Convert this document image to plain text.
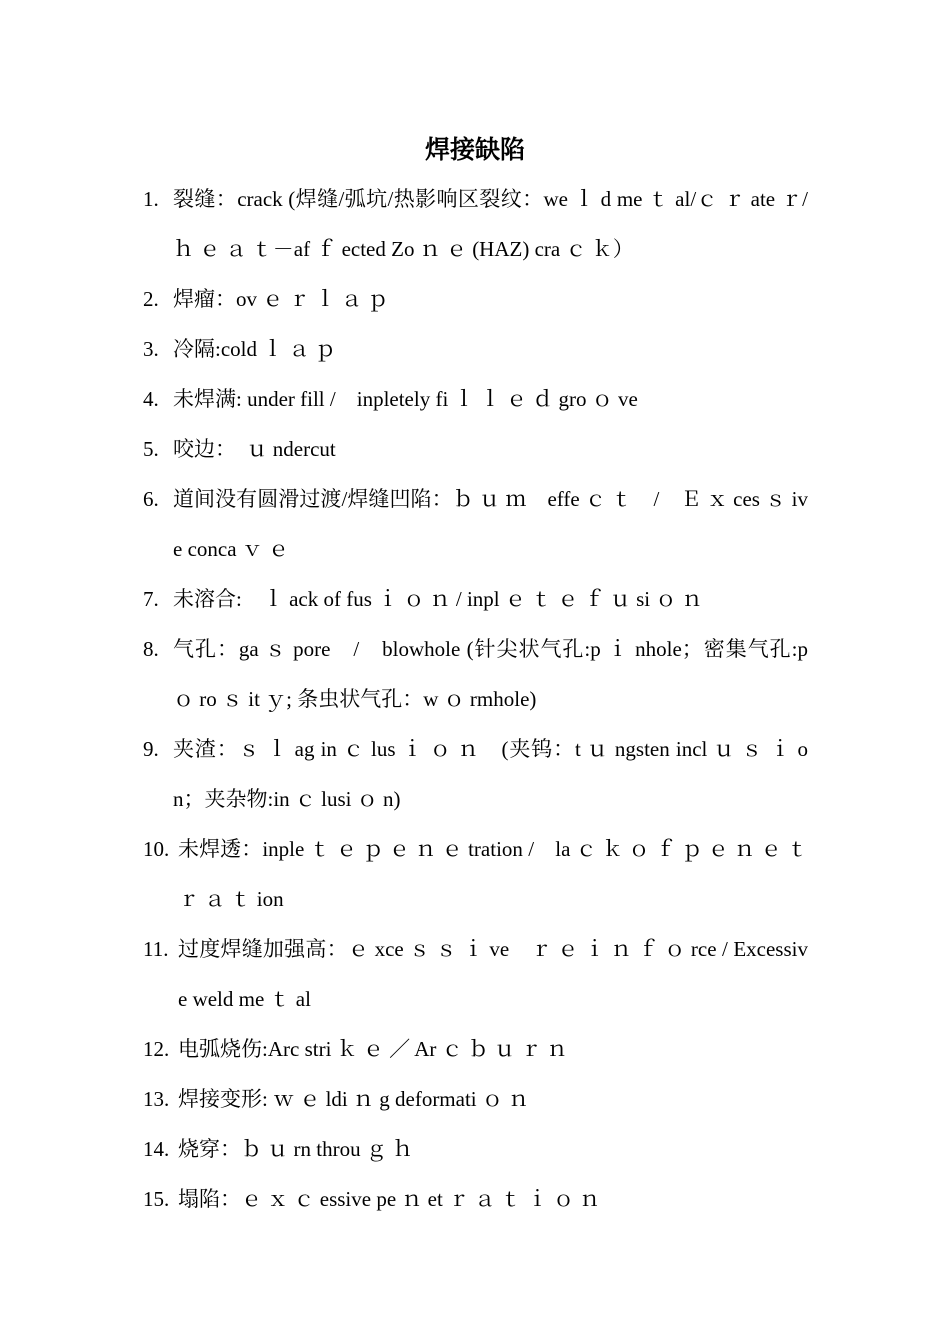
焊接缺陷
1. 裂缝：crack (焊缝/弧坑/热影响区裂纹：we ｌ d me ｔ al/ｃ ｒ ate ｒ/ ｈ ｅ ａ ｔ－af ｆ ected Zo ｎ ｅ (HAZ) cra ｃ ｋ）
2. 焊瘤：ov ｅ ｒ ｌ ａ ｐ
3. 冷隔:cold ｌ ａ ｐ
4. 未焊满: under fill /　inpletely fi ｌ ｌ ｅ ｄ gro ｏ ve
5. 咬边：　ｕ ndercut
6. 道间没有圆滑过渡/焊缝凹陷：ｂ ｕ ｍ　effe ｃ ｔ　/　Ｅ ｘ ces ｓ ive conca ｖ ｅ
7. 未溶合:　ｌ ack of fus ｉ ｏ ｎ / inpl ｅ ｔ ｅ ｆ ｕ si ｏ ｎ
8. 气孔：ga ｓ pore　/　blowhole (针尖状气孔:p ｉ nhole；密集气孔:p ｏ ro ｓ it ｙ; 条虫状气孔：w ｏ rmhole)
9. 夹渣：ｓ ｌ ag in ｃ lus ｉ ｏ ｎ　(夹钨：t ｕ ngsten incl ｕ ｓ ｉ on；夹杂物:in ｃ lusi ｏ n)
10. 未焊透：inple ｔ ｅ ｐ ｅ ｎ ｅ tration /　la ｃ ｋ ｏ ｆ ｐ ｅ ｎ ｅ ｔ ｒ ａ ｔ ion
11. 过度焊缝加强高：ｅ xce ｓ ｓ ｉ ve　ｒ ｅ ｉ ｎ ｆ ｏ rce / Excessive weld me ｔ al
12. 电弧烧伤:Arc stri ｋ ｅ ／ Ar ｃ ｂ ｕ ｒ ｎ
13. 焊接变形: ｗ ｅ ldi ｎ g deformati ｏ ｎ
14. 烧穿：ｂ ｕ rn throu ｇ ｈ
15. 塌陷：ｅ ｘ ｃ essive pe ｎ et ｒ ａ ｔ ｉ ｏ ｎ
